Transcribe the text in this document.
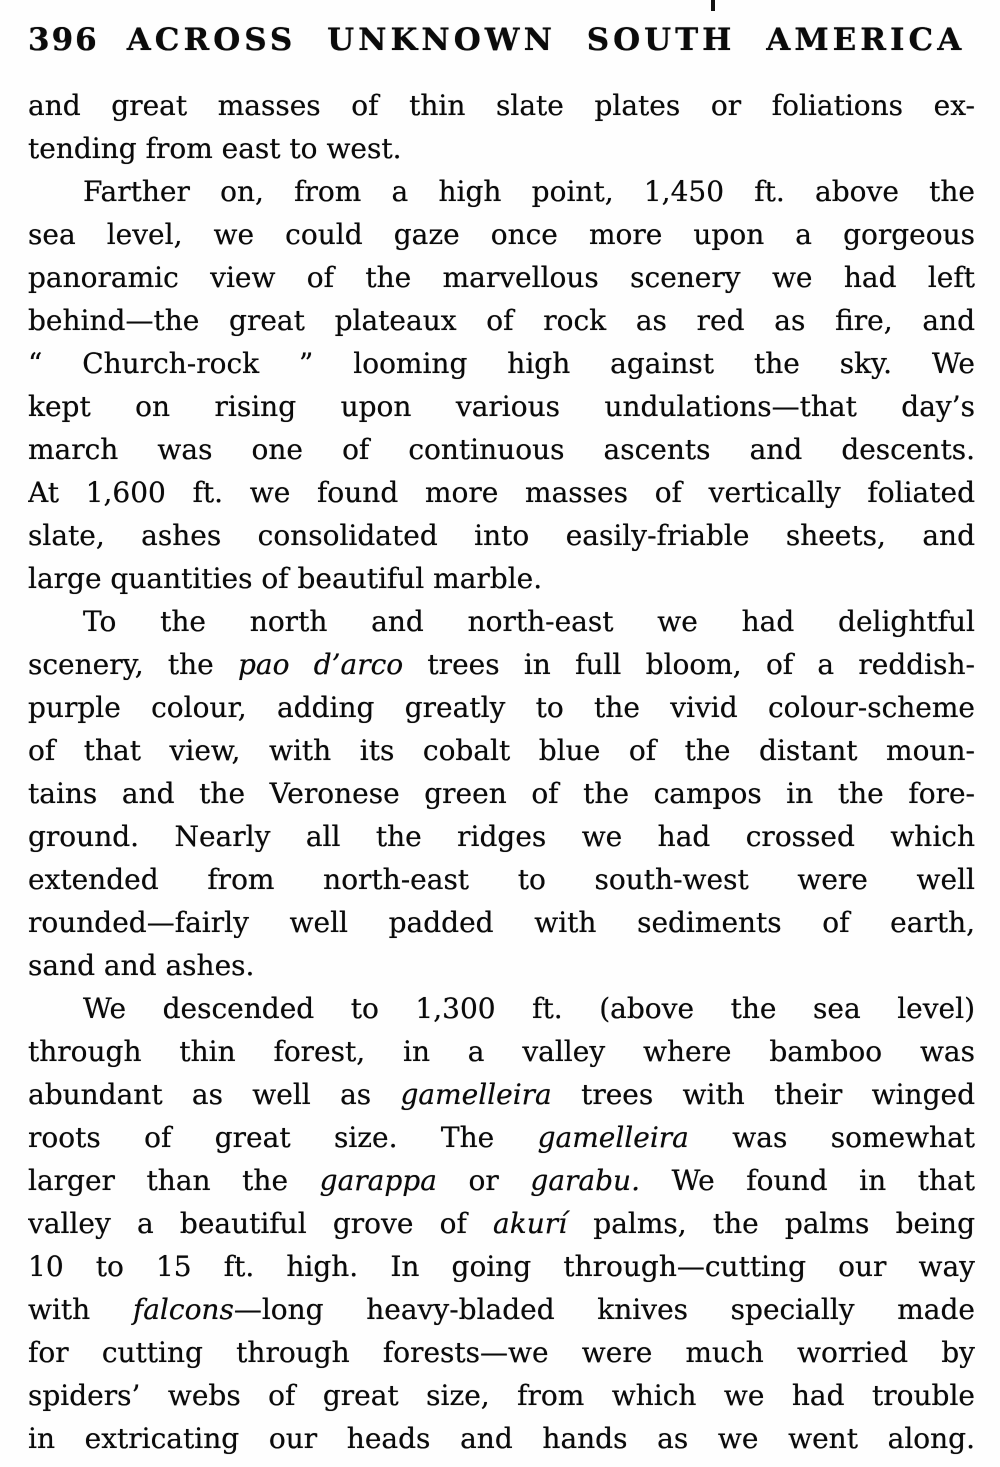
396 ACROSS UNKNOWN SOUTH AMERICA
and great masses of thin slate plates or foliations ex-
tending from east to west.
Farther on, from a high point, 1,450 ft. above the
sea level, we could gaze once more upon a gorgeous
panoramic view of the marvellous scenery we had left
behind—the great plateaux of rock as red as fire, and
“ Church-rock ” looming high against the sky. We
kept on rising upon various undulations—that day’s
march was one of continuous ascents and descents.
At 1,600 ft. we found more masses of vertically foliated
slate, ashes consolidated into easily-friable sheets, and
large quantities of beautiful marble.
To the north and north-east we had delightful
scenery, the pao d’arco trees in full bloom, of a reddish-
purple colour, adding greatly to the vivid colour-scheme
of that view, with its cobalt blue of the distant moun-
tains and the Veronese green of the campos in the fore-
ground. Nearly all the ridges we had crossed which
extended from north-east to south-west were well
rounded—fairly well padded with sediments of earth,
sand and ashes.
We descended to 1,300 ft. (above the sea level)
through thin forest, in a valley where bamboo was
abundant as well as gamelleira trees with their winged
roots of great size. The gamelleira was somewhat
larger than the garappa or garabu. We found in that
valley a beautiful grove of akurí palms, the palms being
10 to 15 ft. high. In going through—cutting our way
with falcons—long heavy-bladed knives specially made
for cutting through forests—we were much worried by
spiders’ webs of great size, from which we had trouble
in extricating our heads and hands as we went along.
